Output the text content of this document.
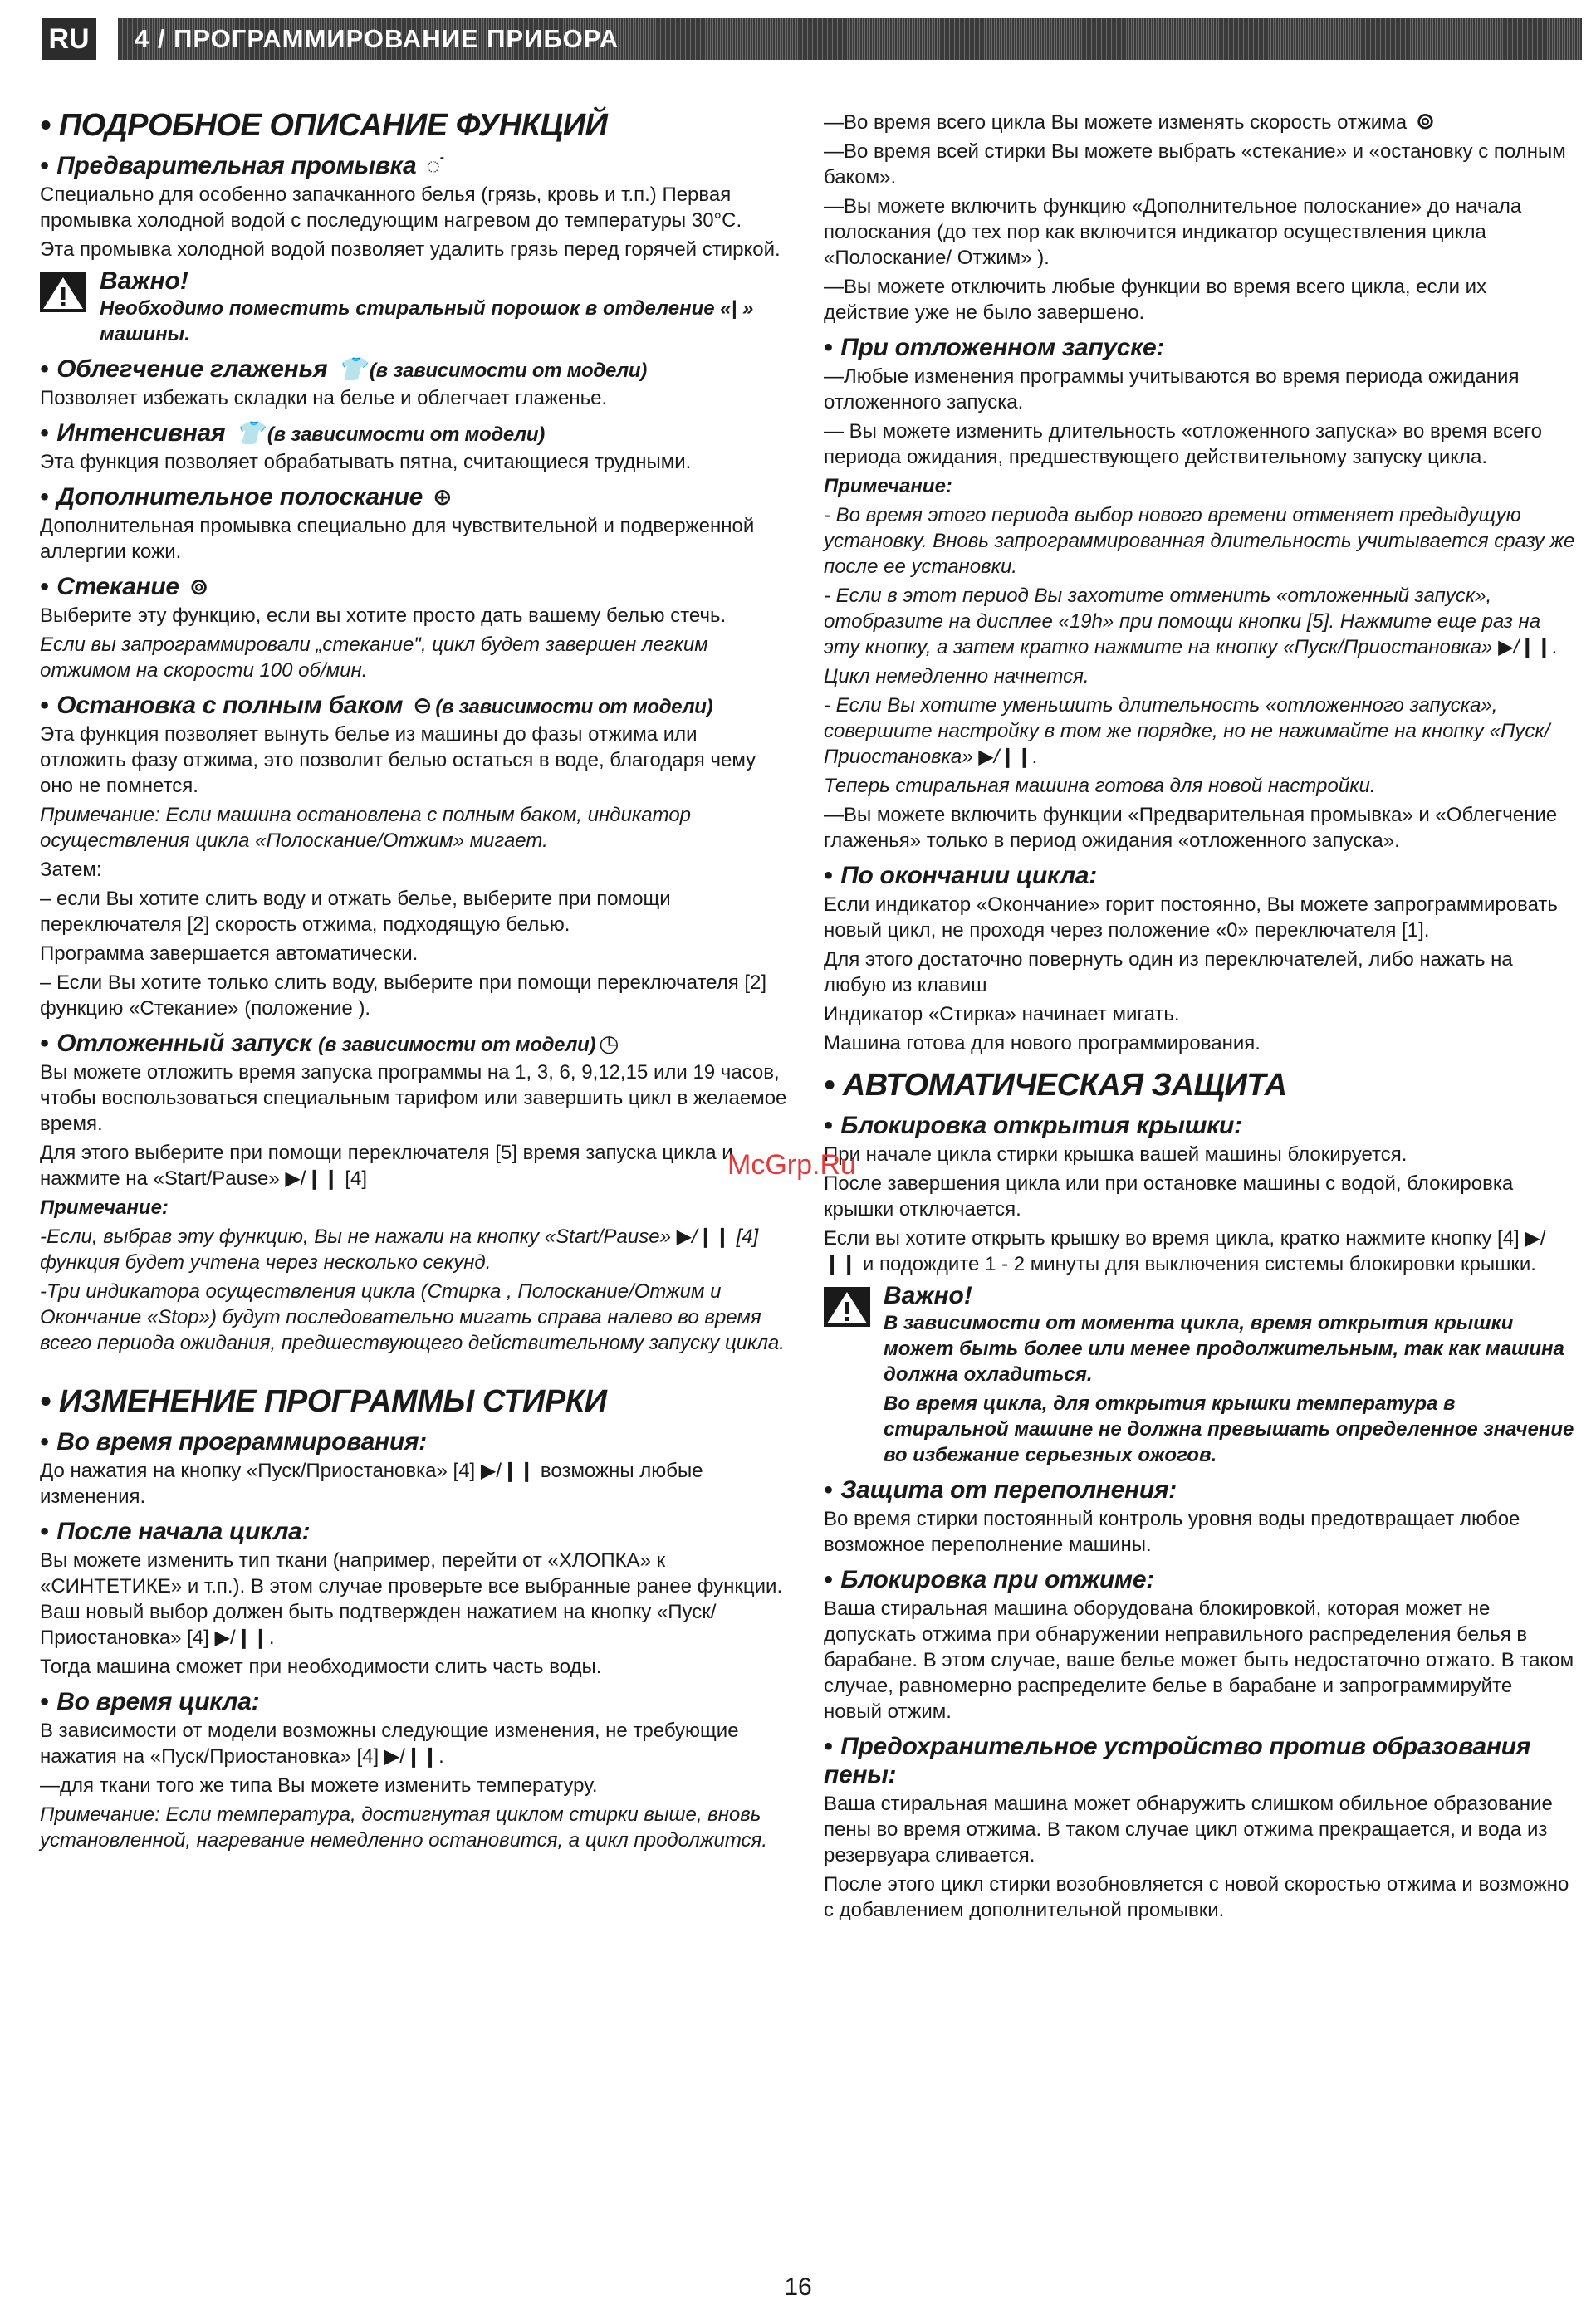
RU 4 / ПРОГРАММИРОВАНИЕ ПРИБОРА
• ПОДРОБНОЕ ОПИСАНИЕ ФУНКЦИЙ
• Предварительная промывка ◌̇

Специально для особенно запачканного белья (грязь, кровь и т.п.) Первая промывка холодной водой с последующим нагревом до температуры 30°C.

Эта промывка холодной водой позволяет удалить грязь перед горячей стиркой.

Важно!

Необходимо поместить стиральный порошок в отделение «| » машины.

• Облегчение глаженья 👕 (в зависимости от модели)

Позволяет избежать складки на белье и облегчает глаженье.

• Интенсивная 👕 (в зависимости от модели)

Эта функция позволяет обрабатывать пятна, считающиеся трудными.

• Дополнительное полоскание ⊕

Дополнительная промывка специально для чувствительной и подверженной аллергии кожи.

• Стекание ⊚

Выберите эту функцию, если вы хотите просто дать вашему белью стечь.

Если вы запрограммировали „стекание", цикл будет завершен легким отжимом на скорости 100 об/мин.

• Остановка с полным баком ⊖ (в зависимости от модели)

Эта функция позволяет вынуть белье из машины до фазы отжима или отложить фазу отжима, это позволит белью остаться в воде, благодаря чему оно не помнется.

Примечание: Если машина остановлена с полным баком, индикатор осуществления цикла «Полоскание/Отжим» мигает.

Затем:

– если Вы хотите слить воду и отжать белье, выберите при помощи переключателя [2] скорость отжима, подходящую белью.

Программа завершается автоматически.

– Если Вы хотите только слить воду, выберите при помощи переключателя [2] функцию «Стекание» (положение ).

• Отложенный запуск (в зависимости от модели) ◷

Вы можете отложить время запуска программы на 1, 3, 6, 9,12,15 или 19 часов, чтобы воспользоваться специальным тарифом или завершить цикл в желаемое время.

Для этого выберите при помощи переключателя [5] время запуска цикла и нажмите на «Start/Pause» ▶/❙❙ [4]

Примечание:

-Если, выбрав эту функцию, Вы не нажали на кнопку «Start/Pause» ▶/❙❙ [4] функция будет учтена через несколько секунд.

-Три индикатора осуществления цикла (Стирка , Полоскание/Отжим и Окончание «Stop») будут последовательно мигать справа налево во время всего периода ожидания, предшествующего действительному запуску цикла.

• ИЗМЕНЕНИЕ ПРОГРАММЫ СТИРКИ
• Во время программирования:

До нажатия на кнопку «Пуск/Приостановка» [4] ▶/❙❙ возможны любые изменения.

• После начала цикла:

Вы можете изменить тип ткани (например, перейти от «ХЛОПКА» к «СИНТЕТИКЕ» и т.п.). В этом случае проверьте все выбранные ранее функции. Ваш новый выбор должен быть подтвержден нажатием на кнопку «Пуск/Приостановка» [4] ▶/❙❙.

Тогда машина сможет при необходимости слить часть воды.

• Во время цикла:

В зависимости от модели возможны следующие изменения, не требующие нажатия на «Пуск/Приостановка» [4] ▶/❙❙.

—для ткани того же типа Вы можете изменить температуру.

Примечание: Если температура, достигнутая циклом стирки выше, вновь установленной, нагревание немедленно остановится, а цикл продолжится.

—Во время всего цикла Вы можете изменять скорость отжима ⊚

—Во время всей стирки Вы можете выбрать «стекание» и «остановку с полным баком».

—Вы можете включить функцию «Дополнительное полоскание» до начала полоскания (до тех пор как включится индикатор осуществления цикла «Полоскание/ Отжим» ).

—Вы можете отключить любые функции во время всего цикла, если их действие уже не было завершено.

• При отложенном запуске:

—Любые изменения программы учитываются во время периода ожидания отложенного запуска.

— Вы можете изменить длительность «отложенного запуска» во время всего периода ожидания, предшествующего действительному запуску цикла.

Примечание:

- Во время этого периода выбор нового времени отменяет предыдущую установку. Вновь запрограммированная длительность учитывается сразу же после ее установки.

- Если в этот период Вы захотите отменить «отложенный запуск», отобразите на дисплее «19h» при помощи кнопки [5]. Нажмите еще раз на эту кнопку, а затем кратко нажмите на кнопку «Пуск/Приостановка» ▶/❙❙.

Цикл немедленно начнется.

- Если Вы хотите уменьшить длительность «отложенного запуска», совершите настройку в том же порядке, но не нажимайте на кнопку «Пуск/Приостановка» ▶/❙❙.

Теперь стиральная машина готова для новой настройки.

—Вы можете включить функции «Предварительная промывка» и «Облегчение глаженья» только в период ожидания «отложенного запуска».

• По окончании цикла:

Если индикатор «Окончание» горит постоянно, Вы можете запрограммировать новый цикл, не проходя через положение «0» переключателя [1].

Для этого достаточно повернуть один из переключателей, либо нажать на любую из клавиш

Индикатор «Стирка» начинает мигать.

Машина готова для нового программирования.

• АВТОМАТИЧЕСКАЯ ЗАЩИТА
• Блокировка открытия крышки:

При начале цикла стирки крышка вашей машины блокируется.

После завершения цикла или при остановке машины с водой, блокировка крышки отключается.

Если вы хотите открыть крышку во время цикла, кратко нажмите кнопку [4] ▶/❙❙ и подождите 1 - 2 минуты для выключения системы блокировки крышки.

Важно!

В зависимости от момента цикла, время открытия крышки может быть более или менее продолжительным, так как машина должна охладиться.

Во время цикла, для открытия крышки температура в стиральной машине не должна превышать определенное значение во избежание серьезных ожогов.

• Защита от переполнения:

Во время стирки постоянный контроль уровня воды предотвращает любое возможное переполнение машины.

• Блокировка при отжиме:

Ваша стиральная машина оборудована блокировкой, которая может не допускать отжима при обнаружении неправильного распределения белья в барабане. В этом случае, ваше белье может быть недостаточно отжато. В таком случае, равномерно распределите белье в барабане и запрограммируйте новый отжим.

• Предохранительное устройство против образования пены:

Ваша стиральная машина может обнаружить слишком обильное образование пены во время отжима. В таком случае цикл отжима прекращается, и вода из резервуара сливается.

После этого цикл стирки возобновляется с новой скоростью отжима и возможно с добавлением дополнительной промывки.

McGrp.Ru
16
